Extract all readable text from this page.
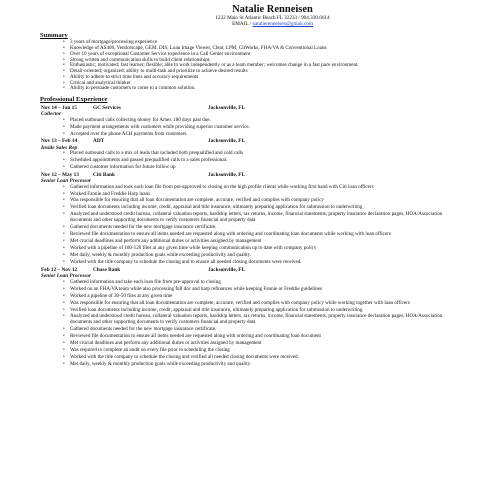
Natalie Renneisen
1232 Main St Atlantic Beach FL 32233 / 904.330.6614
EMAIL / natalierenneisen@gmail.com
Summary
• 3 years of mortgage/processing experience
• Knowledge of AS400, Vendorscape, GEM, DIS, Loan Image Viewer, Clear, LPM, CitWorks, FHA/VA & Conventional Loans
• Over 10 years of exceptional Customer Service experience in a Call Center environment
• Strong written and communication skills to build client relationships
• Enthusiastic; motivated; fast learner; flexible; able to work independently or as a team member; welcomes change in a fast pace environment.
• Detail-oriented; organized; ability to multi-task and prioritize to achieve desired results
• Ability to adhere to strict time lines and accuracy requirements
• Critical and analytical thinker
• Ability to persuade customers to come to a common solution.
Professional Experience
Nov 14 – Jan 15	GC Services	Jacksonville, FL
Collector
• Placed outbound calls collecting money for Amex 180 days past due.
• Made payment arrangements with customers while providing superior customer service.
• Accepted over the phone ACH payments from customers.
Nov 13 – Feb 14	ADT	Jacksonville, FL
Inside Sales Rep
• Placed outbound calls to a mix of leads that included both prequalified and cold calls
• Scheduled appointments and passed prequalified calls to a sales professional.
• Gathered customer information for future follow up
Nov 12 – May 13	Citi Bank	Jacksonville, FL
Senior Loan Processor
• Gathered information and took each loan file from pre-approved to closing on the high profile clients while working first hand with Citi loan officers
• Worked Fannie and Freddie Harp loans
• Was responsible for ensuring that all loan documentation are complete, accurate, verified and complies with company policy
• Verified loan documents including income, credit, appraisal and title insurance, ultimately preparing application for submission to underwriting
• Analyzed and understood credit bureau, collateral valuation reports, hardship letters, tax returns, income, financial statements, property insurance declaration pages, HOA/Association documents and other supporting documents to verify customers financial and property data
• Gathered documents needed for the new mortgage insurance certificate.
• Reviewed file documentation to ensure all items needed are requested along with ordering and coordinating loan documents while working with loan officers
• Met crucial deadlines and perform any additional duties or activities assigned by management
• Worked with a pipeline of 100-120 files at any given time while keeping communication up to date with company policy
• Met daily, weekly & monthly production goals while exceeding productivity and quality.
• Worked with the title company to schedule the closing and to ensure all needed closing documents were received.
Feb 12 – Nov 12	Chase Bank	Jacksonville, FL
Senior Loan Processor
• Gathered information and take each loan file from pre-approval to closing
• Worked on an FHA/VA team while also processing full doc and harp refinances while keeping Fannie or Freddie guidelines
• Worked a pipeline of 30-50 files at any given time
• Was responsible for ensuring that all loan documentation are complete, accurate, verified and complies with company policy while working together with loan officers
• Verified loan documents including income, credit, appraisal and title insurance, ultimately preparing application for submission to underwriting
• Analyzed and understood credit bureau, collateral valuation reports, hardship letters, tax returns, income, financial statements, property insurance declaration pages, HOA/Association documents and other supporting documents to verify customers financial and property data
• Gathered documents needed for the new mortgage insurance certificate.
• Reviewed file documentation to ensure all items needed are requested along with ordering and coordinating loan document
• Met crucial deadlines and perform any additional duties or activities assigned by management
• Was required to complete an audit on every file prior to scheduling the closing
• Worked with the title company to schedule the closing and verified all needed closing documents were received.
• Met daily, weekly & monthly production goals while exceeding productivity and quality.
